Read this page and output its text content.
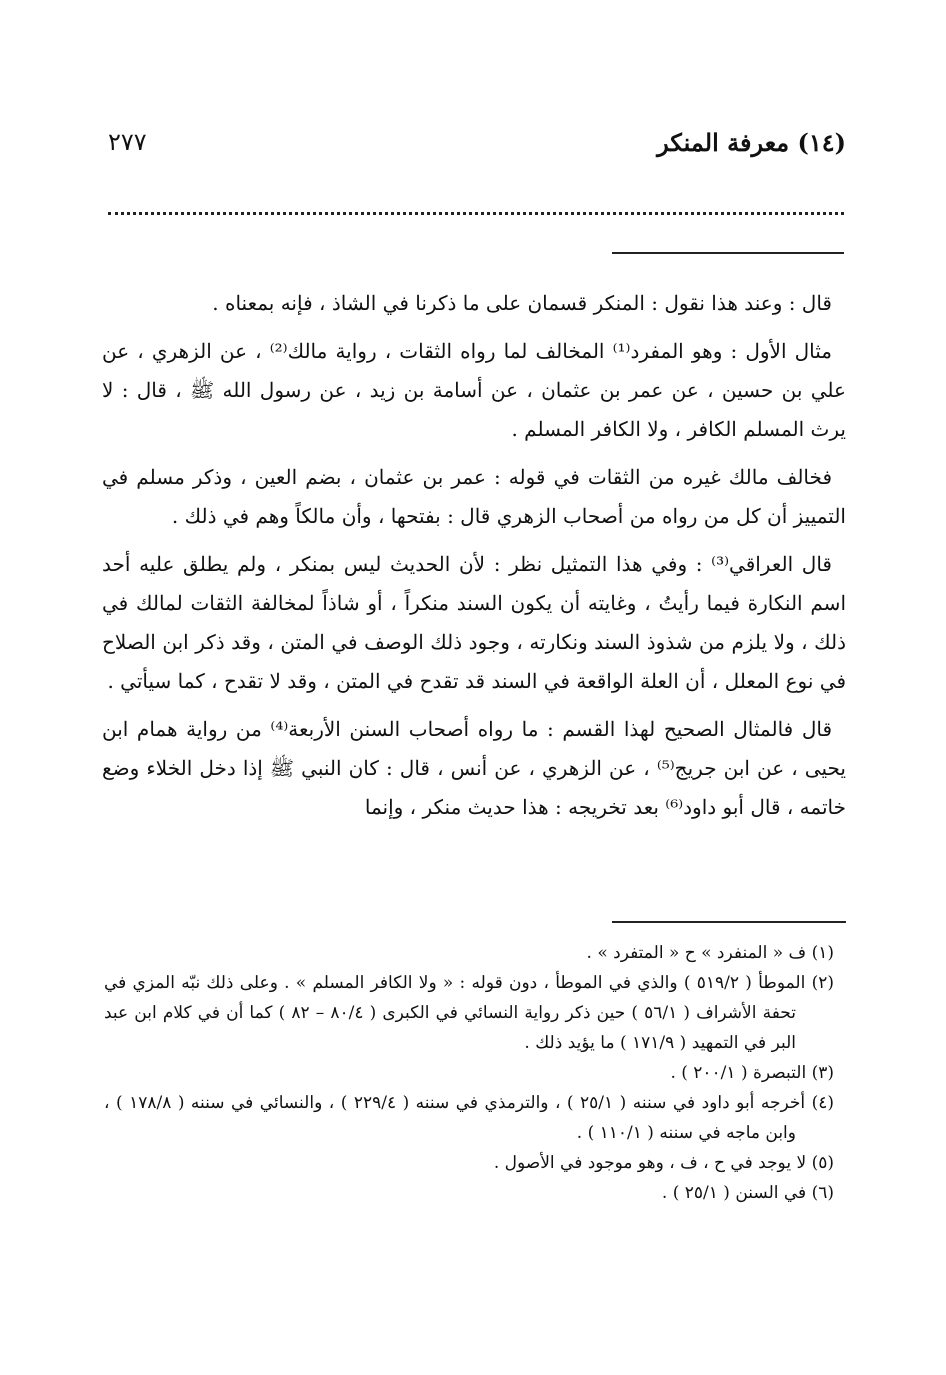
(١٤) معرفة المنكر
٢٧٧

قال : وعند هذا نقول : المنكر قسمان على ما ذكرنا في الشاذ ، فإنه بمعناه .

مثال الأول : وهو المفرد⁽¹⁾ المخالف لما رواه الثقات ، رواية مالك⁽²⁾ ، عن الزهري ، عن علي بن حسين ، عن عمر بن عثمان ، عن أسامة بن زيد ، عن رسول الله ﷺ ، قال : لا يرث المسلم الكافر ، ولا الكافر المسلم .

فخالف مالك غيره من الثقات في قوله : عمر بن عثمان ، بضم العين ، وذكر مسلم في التمييز أن كل من رواه من أصحاب الزهري قال : بفتحها ، وأن مالكاً وهم في ذلك .

قال العراقي⁽³⁾ : وفي هذا التمثيل نظر : لأن الحديث ليس بمنكر ، ولم يطلق عليه أحد اسم النكارة فيما رأيتُ ، وغايته أن يكون السند منكراً ، أو شاذاً لمخالفة الثقات لمالك في ذلك ، ولا يلزم من شذوذ السند ونكارته ، وجود ذلك الوصف في المتن ، وقد ذكر ابن الصلاح في نوع المعلل ، أن العلة الواقعة في السند قد تقدح في المتن ، وقد لا تقدح ، كما سيأتي .

قال فالمثال الصحيح لهذا القسم : ما رواه أصحاب السنن الأربعة⁽⁴⁾ من رواية همام ابن يحيى ، عن ابن جريج⁽⁵⁾ ، عن الزهري ، عن أنس ، قال : كان النبي ﷺ إذا دخل الخلاء وضع خاتمه ، قال أبو داود⁽⁶⁾ بعد تخريجه : هذا حديث منكر ، وإنما

(١) ف « المنفرد » ح « المتفرد » .

(٢) الموطأ ( ٥١٩/٢ ) والذي في الموطأ ، دون قوله : « ولا الكافر المسلم » . وعلى ذلك نبّه المزي في تحفة الأشراف ( ٥٦/١ ) حين ذكر رواية النسائي في الكبرى ( ٨٠/٤ – ٨٢ ) كما أن في كلام ابن عبد البر في التمهيد ( ١٧١/٩ ) ما يؤيد ذلك .

(٣) التبصرة ( ٢٠٠/١ ) .

(٤) أخرجه أبو داود في سننه ( ٢٥/١ ) ، والترمذي في سننه ( ٢٢٩/٤ ) ، والنسائي في سننه ( ١٧٨/٨ ) ، وابن ماجه في سننه ( ١١٠/١ ) .

(٥) لا يوجد في ح ، ف ، وهو موجود في الأصول .

(٦) في السنن ( ٢٥/١ ) .
